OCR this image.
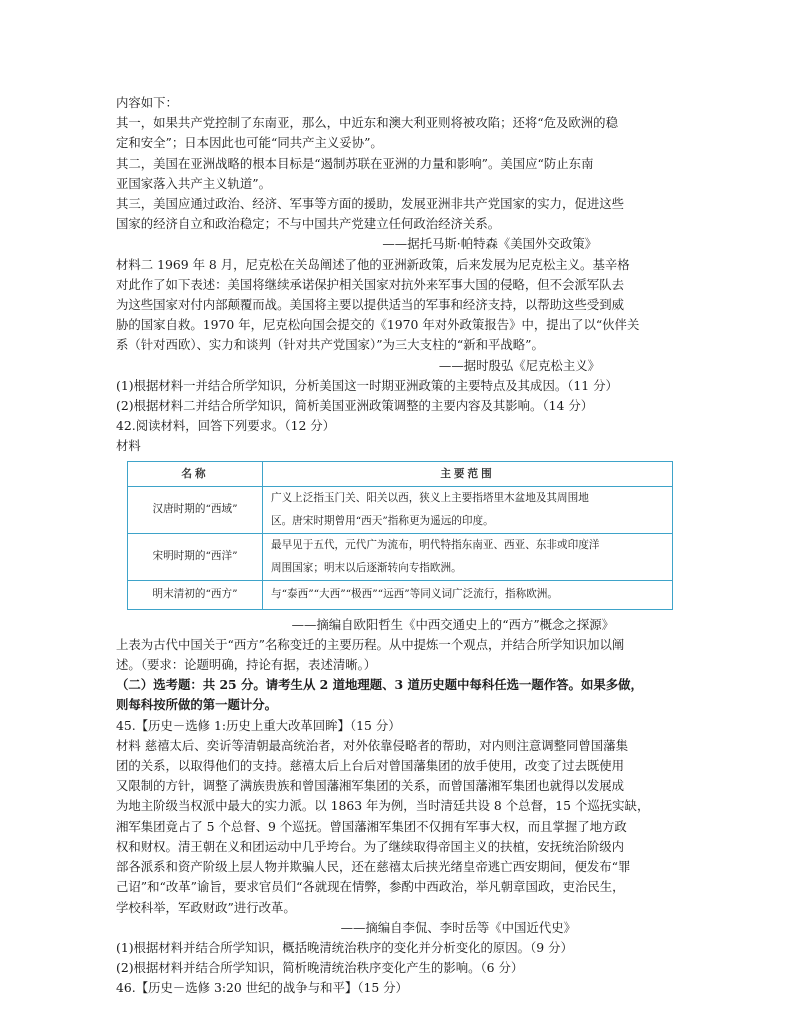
内容如下：
其一，如果共产党控制了东南亚，那么，中近东和澳大利亚则将被攻陷；还将“危及欧洲的稳
定和安全”；日本因此也可能“同共产主义妥协”。
其二，美国在亚洲战略的根本目标是“遏制苏联在亚洲的力量和影响”。美国应“防止东南
亚国家落入共产主义轨道”。
其三，美国应通过政治、经济、军事等方面的援助，发展亚洲非共产党国家的实力，促进这些
国家的经济自立和政治稳定；不与中国共产党建立任何政治经济关系。
——据托马斯·帕特森《美国外交政策》
材料二 1969 年 8 月，尼克松在关岛阐述了他的亚洲新政策，后来发展为尼克松主义。基辛格
对此作了如下表述：美国将继续承诺保护相关国家对抗外来军事大国的侵略，但不会派军队去
为这些国家对付内部颠覆而战。美国将主要以提供适当的军事和经济支持，以帮助这些受到威
胁的国家自救。1970 年，尼克松向国会提交的《1970 年对外政策报告》中，提出了以“伙伴关
系（针对西欧）、实力和谈判（针对共产党国家）”为三大支柱的“新和平战略”。
——据时殷弘《尼克松主义》
(1)根据材料一并结合所学知识，分析美国这一时期亚洲政策的主要特点及其成因。（11 分）
(2)根据材料二并结合所学知识，简析美国亚洲政策调整的主要内容及其影响。（14 分）
42.阅读材料，回答下列要求。（12 分）
材料
名称	主要范围
汉唐时期的“西域”	广义上泛指玉门关、阳关以西，狭义上主要指塔里木盆地及其周围地
区。唐宋时期曾用“西天”指称更为遥远的印度。

宋明时期的“西洋”	最早见于五代，元代广为流布，明代特指东南亚、西亚、东非或印度洋
周围国家；明末以后逐渐转向专指欧洲。

明末清初的“西方”	与“泰西”“大西”“极西”“远西”等同义词广泛流行，指称欧洲。
——摘编自欧阳哲生《中西交通史上的“西方”概念之探源》
上表为古代中国关于“西方”名称变迁的主要历程。从中提炼一个观点，并结合所学知识加以阐
述。（要求：论题明确，持论有据，表述清晰。）
（二）选考题：共 25 分。请考生从 2 道地理题、3 道历史题中每科任选一题作答。如果多做，
则每科按所做的第一题计分。
45.【历史－选修 1:历史上重大改革回眸】（15 分）
材料 慈禧太后、奕䜣等清朝最高统治者，对外依靠侵略者的帮助，对内则注意调整同曾国藩集
团的关系，以取得他们的支持。慈禧太后上台后对曾国藩集团的放手使用，改变了过去既使用
又限制的方针，调整了满族贵族和曾国藩湘军集团的关系，而曾国藩湘军集团也就得以发展成
为地主阶级当权派中最大的实力派。以 1863 年为例，当时清廷共设 8 个总督，15 个巡抚实缺，
湘军集团竟占了 5 个总督、9 个巡抚。曾国藩湘军集团不仅拥有军事大权，而且掌握了地方政
权和财权。清王朝在义和团运动中几乎垮台。为了继续取得帝国主义的扶植，安抚统治阶级内
部各派系和资产阶级上层人物并欺骗人民，还在慈禧太后挟光绪皇帝逃亡西安期间，便发布“罪
己诏”和“改革”谕旨，要求官员们“各就现在情弊，参酌中西政治，举凡朝章国政，吏治民生，
学校科举，军政财政”进行改革。
——摘编自李侃、李时岳等《中国近代史》
(1)根据材料并结合所学知识，概括晚清统治秩序的变化并分析变化的原因。（9 分）
(2)根据材料并结合所学知识，简析晚清统治秩序变化产生的影响。（6 分）
46.【历史－选修 3:20 世纪的战争与和平】（15 分）
